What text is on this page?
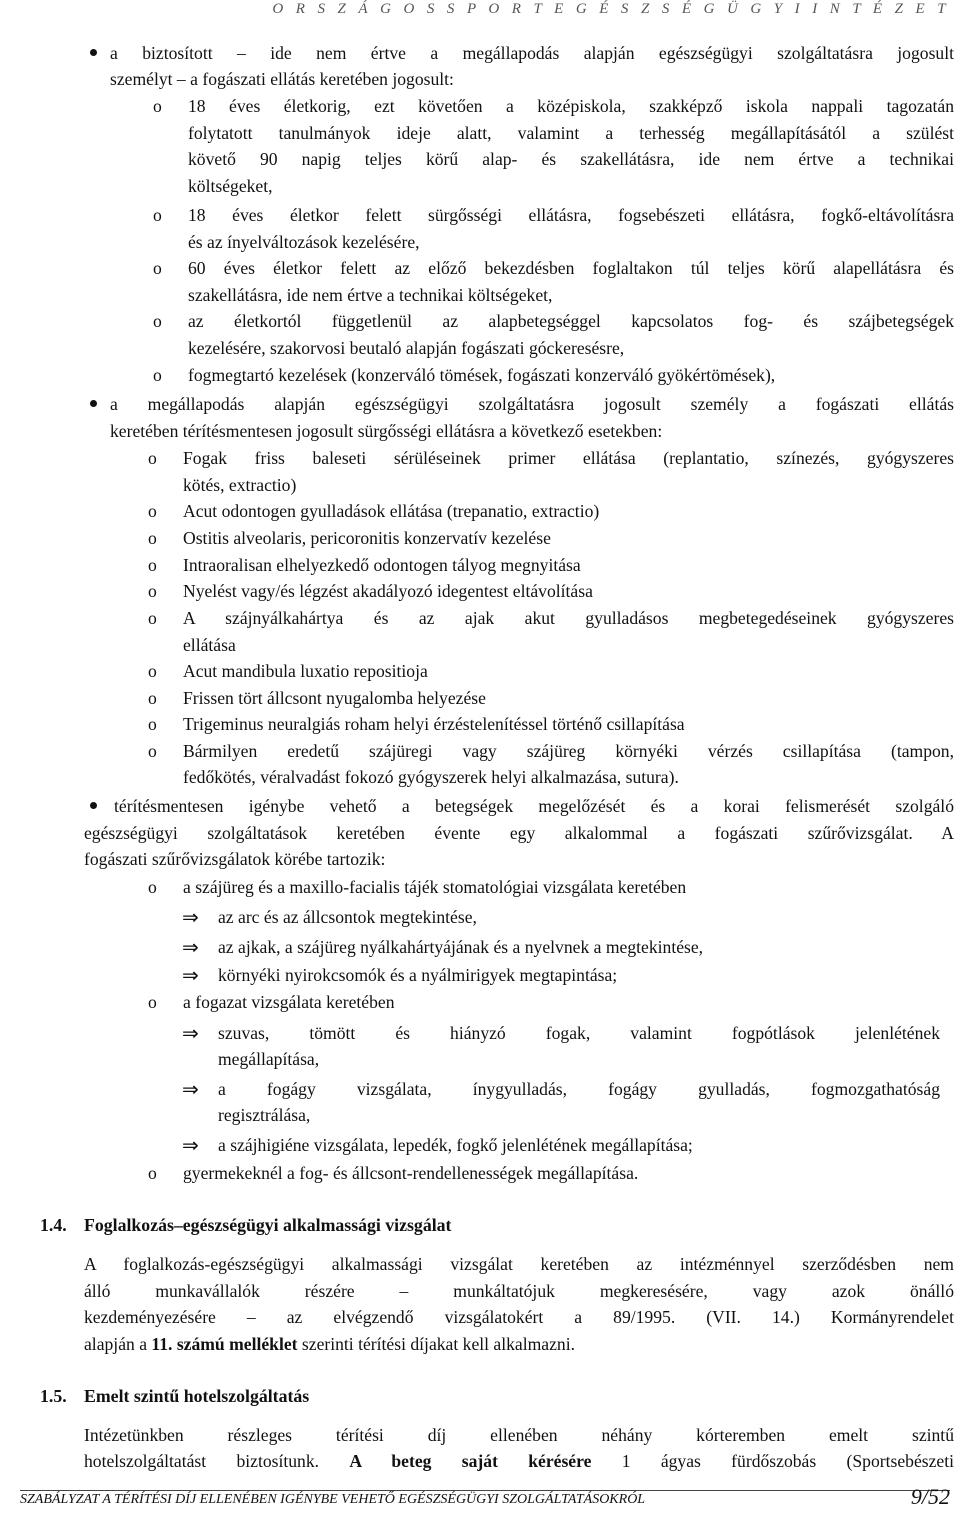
O R S Z Á G O S S P O R T E G É S Z S É G Ü G Y I I N T É Z E T
a biztosított – ide nem értve a megállapodás alapján egészségügyi szolgáltatásra jogosult
személyt – a fogászati ellátás keretében jogosult:
o 18 éves életkorig, ezt követően a középiskola, szakképző iskola nappali tagozatán
folytatott tanulmányok ideje alatt, valamint a terhesség megállapításától a szülést
követő 90 napig teljes körű alap- és szakellátásra, ide nem értve a technikai
költségeket,
o 18 éves életkor felett sürgősségi ellátásra, fogsebészeti ellátásra, fogkő-eltávolításra
és az ínyelváltozások kezelésére,
o 60 éves életkor felett az előző bekezdésben foglaltakon túl teljes körű alapellátásra és
szakellátásra, ide nem értve a technikai költségeket,
o az életkortól függetlenül az alapbetegséggel kapcsolatos fog- és szájbetegségek
kezelésére, szakorvosi beutaló alapján fogászati góckeresésre,
o fogmegtartó kezelések (konzerváló tömések, fogászati konzerváló gyökértömések),
a megállapodás alapján egészségügyi szolgáltatásra jogosult személy a fogászati ellátás
keretében térítésmentesen jogosult sürgősségi ellátásra a következő esetekben:
o Fogak friss baleseti sérüléseinek primer ellátása (replantatio, színezés, gyógyszeres
kötés, extractio)
o Acut odontogen gyulladások ellátása (trepanatio, extractio)
o Ostitis alveolaris, pericoronitis konzervatív kezelése
o Intraoralisan elhelyezkedő odontogen tályog megnyitása
o Nyelést vagy/és légzést akadályozó idegentest eltávolítása
o A szájnyálkahártya és az ajak akut gyulladásos megbetegedéseinek gyógyszeres
ellátása
o Acut mandibula luxatio repositioja
o Frissen tört állcsont nyugalomba helyezése
o Trigeminus neuralgiás roham helyi érzéstelenítéssel történő csillapítása
o Bármilyen eredetű szájüregi vagy szájüreg környéki vérzés csillapítása (tampon,
fedőkötés, véralvadást fokozó gyógyszerek helyi alkalmazása, sutura).
térítésmentesen igénybe vehető a betegségek megelőzését és a korai felismerését szolgáló
egészségügyi szolgáltatások keretében évente egy alkalommal a fogászati szűrővizsgálat. A
fogászati szűrővizsgálatok körébe tartozik:
o a szájüreg és a maxillo-facialis tájék stomatológiai vizsgálata keretében
⇒ az arc és az állcsontok megtekintése,
⇒ az ajkak, a szájüreg nyálkahártyájának és a nyelvnek a megtekintése,
⇒ környéki nyirokcsomók és a nyálmirigyek megtapintása;
o a fogazat vizsgálata keretében
⇒ szuvas, tömött és hiányzó fogak, valamint fogpótlások jelenlétének
megállapítása,
⇒ a fogágy vizsgálata, ínygyulladás, fogágy gyulladás, fogmozgathatóság
regisztrálása,
⇒ a szájhigiéne vizsgálata, lepedék, fogkő jelenlétének megállapítása;
o gyermekeknél a fog- és állcsont-rendellenességek megállapítása.
1.4. Foglalkozás–egészségügyi alkalmassági vizsgálat
A foglalkozás-egészségügyi alkalmassági vizsgálat keretében az intézménnyel szerződésben nem
álló munkavállalók részére – munkáltatójuk megkeresésére, vagy azok önálló
kezdeményezésére – az elvégzendő vizsgálatokért a 89/1995. (VII. 14.) Kormányrendelet
alapján a 11. számú melléklet szerinti térítési díjakat kell alkalmazni.
1.5. Emelt szintű hotelszolgáltatás
Intézetünkben részleges térítési díj ellenében néhány kórteremben emelt szintű
hotelszolgáltatást biztosítunk. A beteg saját kérésére 1 ágyas fürdőszobás (Sportsebészeti
SZABÁLYZAT A TÉRÍTÉSI DÍJ ELLENÉBEN IGÉNYBE VEHETŐ EGÉSZSÉGÜGYI SZOLGÁLTATÁSOKRÓL	9/52
